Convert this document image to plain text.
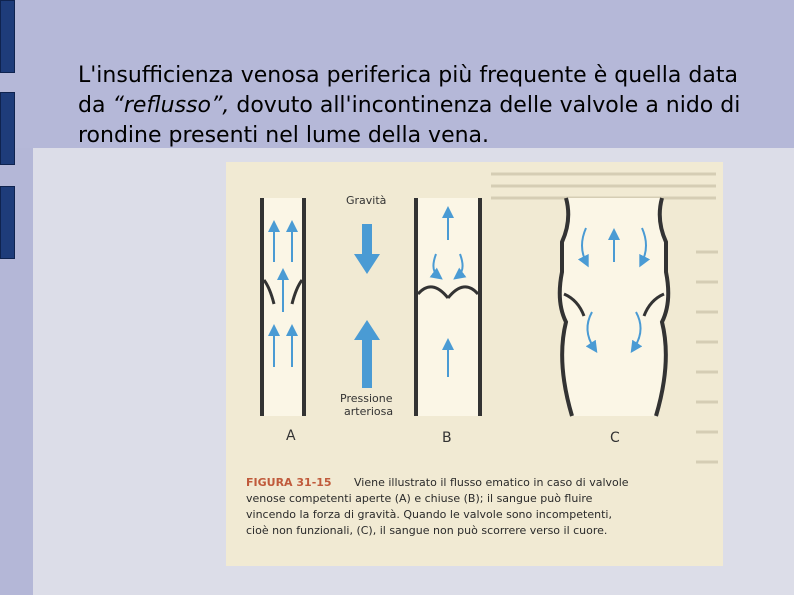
L'insufficienza venosa periferica più frequente è quella data da “reflusso”, dovuto all'incontinenza delle valvole a nido di rondine presenti nel lume della vena.

Gravità
Pressione
arteriosa
A	B	C
FIGURA 31-15 Viene illustrato il flusso ematico in caso di valvole
venose competenti aperte (A) e chiuse (B); il sangue può fluire
vincendo la forza di gravità. Quando le valvole sono incompetenti,
cioè non funzionali, (C), il sangue non può scorrere verso il cuore.
